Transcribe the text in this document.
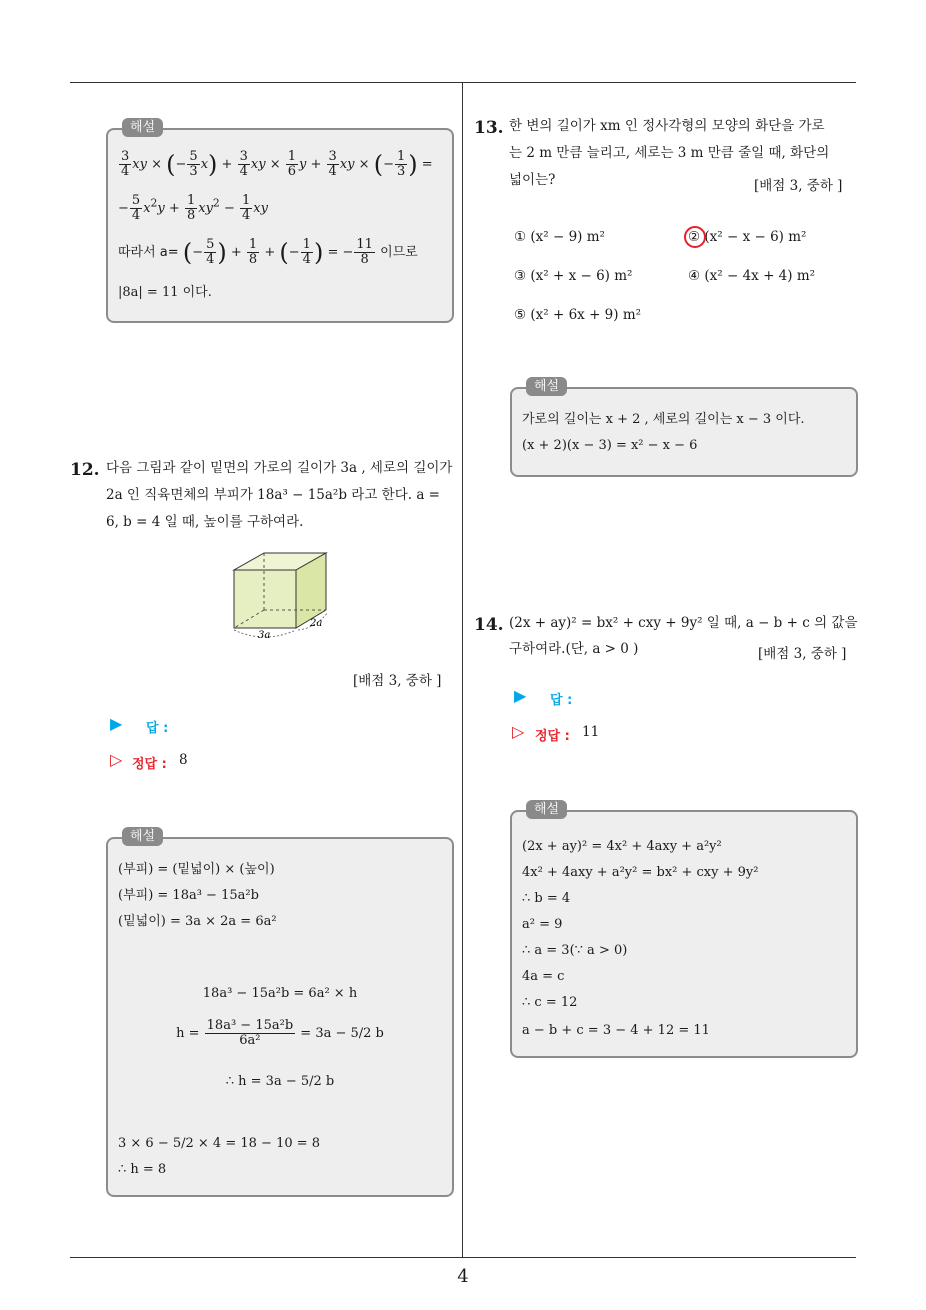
해설
$\frac{3}{4}$ xy × (− $\frac{5}{3} x) + \frac{3}{4}$ xy × $\frac{1}{6}$ $y + \frac{3}{4}$ xy × (− $\frac{1}{3}$ ) =
− $\frac{5}{4} x^2y + \frac{1}{8} xy^2 - \frac{1}{4}$ xy
따라서 a= (− $\frac{5}{4}$ ) + $\frac{1}{8}$ + (− $\frac{1}{4}$ ) = − $\frac{11}{8}$ 이므로
|8a| = 11 이다.
12. 다음 그림과 같이 밑면의 가로의 길이가 3a , 세로의 길이가 2a 인 직육면체의 부피가 18a³ − 15a²b 라고 한다. a = 6, b = 4 일 때, 높이를 구하여라.
3a
2a
[배점 3, 중하 ]
▶ 답 :
▷ 정답 : 8
해설
(부피) = (밑넓이) × (높이)
(부피) = 18a³ − 15a²b
(밑넓이) = 3a × 2a = 6a²
18a³ − 15a²b = 6a² × h
$h = \frac{\text{18a³ − 15a²b}}{\text{6a²}} = 3a - 5/2$ b
∴ h = 3a − 5/2 b
3 × 6 − 5/2 × 4 = 18 − 10 = 8
∴ h = 8
13. 한 변의 길이가 xm 인 정사각형의 모양의 화단을 가로
는 2 m 만큼 늘리고, 세로는 3 m 만큼 줄일 때, 화단의
넓이는?	[배점 3, 중하 ]
① (x² − 9) m²	② (x² − x − 6) m²
③ (x² + x − 6) m²	④ (x² − 4x + 4) m²
⑤ (x² + 6x + 9) m²
해설
가로의 길이는 x + 2 , 세로의 길이는 x − 3 이다.
(x + 2)(x − 3) = x² − x − 6
14. (2x + ay)² = bx² + cxy + 9y² 일 때, a − b + c 의 값을
구하여라.(단, a > 0 )	[배점 3, 중하 ]
▶ 답 :
▷ 정답 : 11
해설
(2x + ay)² = 4x² + 4axy + a²y²
4x² + 4axy + a²y² = bx² + cxy + 9y²
∴ b = 4
a² = 9
∴ a = 3(∵ a > 0)
4a = c
∴ c = 12
a − b + c = 3 − 4 + 12 = 11
4
